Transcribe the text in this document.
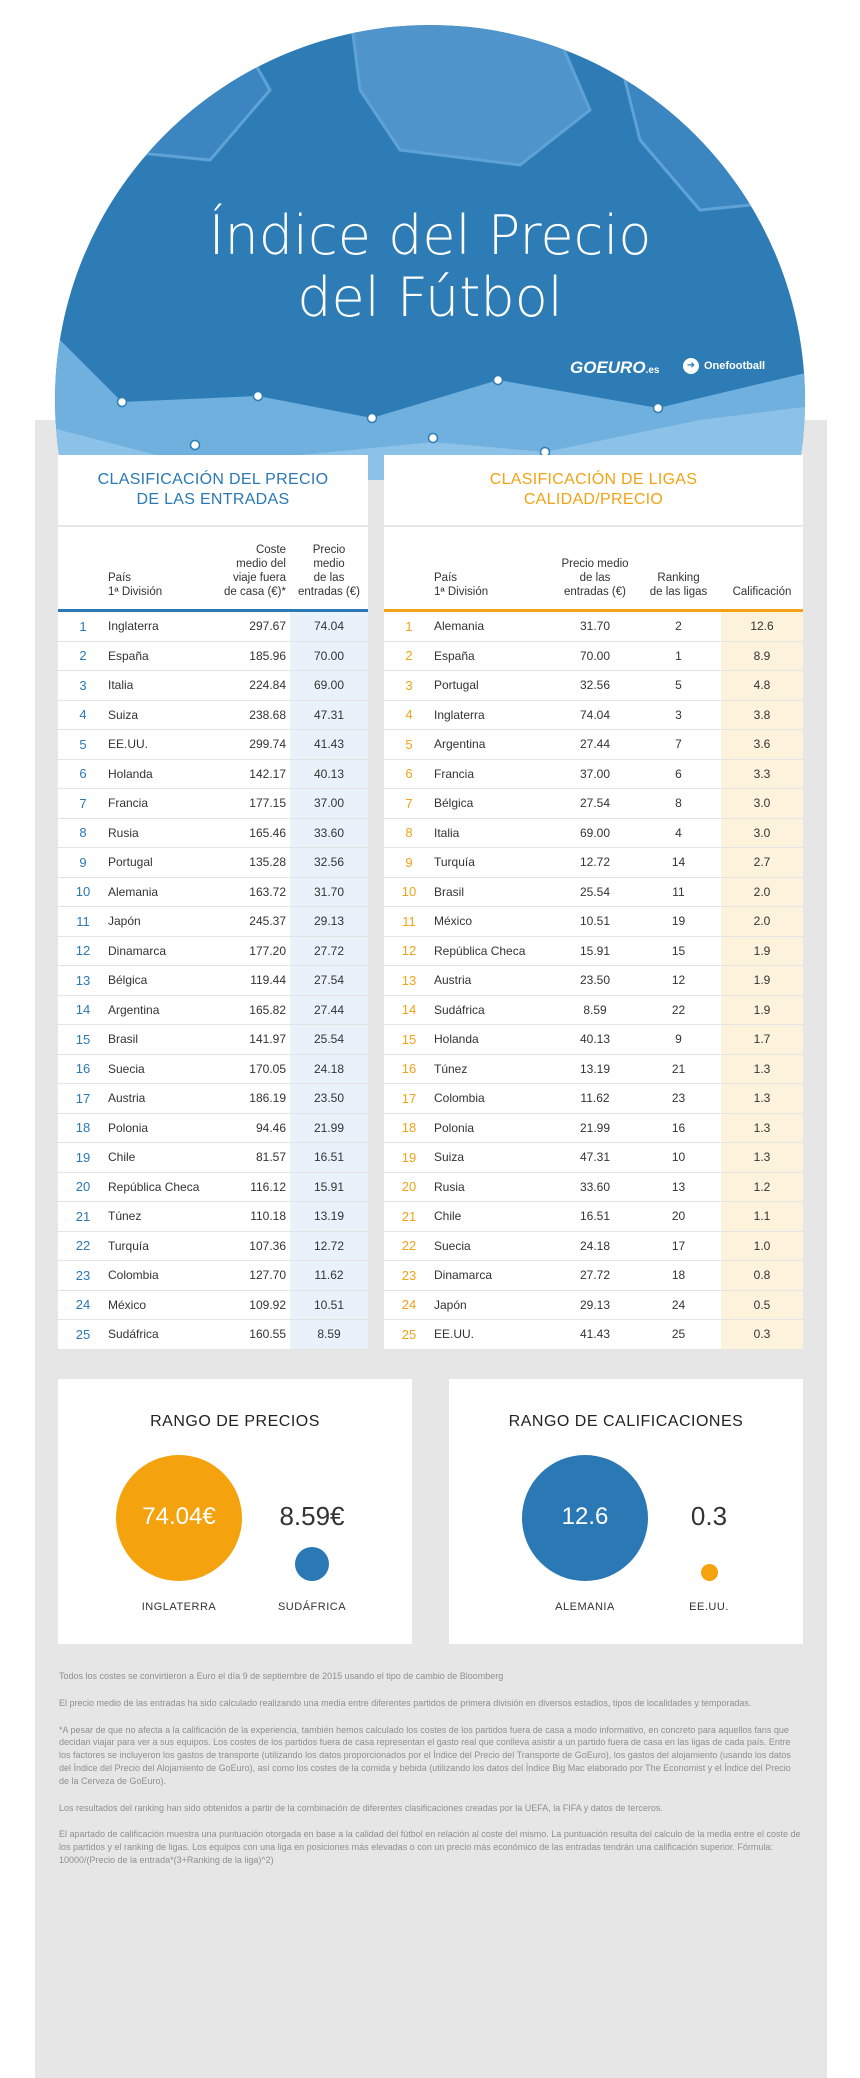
Índice del Precio
del Fútbol
GOEURO.es	➜ Onefootball
CLASIFICACIÓN DEL PRECIO
DE LAS ENTRADAS
País
1ª División
Coste
medio del
viaje fuera
de casa (€)*
Precio
medio
de las
entradas (€)
1	Inglaterra	297.67	74.04
2	España	185.96	70.00
3	Italia	224.84	69.00
4	Suiza	238.68	47.31
5	EE.UU.	299.74	41.43
6	Holanda	142.17	40.13
7	Francia	177.15	37.00
8	Rusia	165.46	33.60
9	Portugal	135.28	32.56
10	Alemania	163.72	31.70
11	Japón	245.37	29.13
12	Dinamarca	177.20	27.72
13	Bélgica	119.44	27.54
14	Argentina	165.82	27.44
15	Brasil	141.97	25.54
16	Suecia	170.05	24.18
17	Austria	186.19	23.50
18	Polonia	94.46	21.99
19	Chile	81.57	16.51
20	República Checa	116.12	15.91
21	Túnez	110.18	13.19
22	Turquía	107.36	12.72
23	Colombia	127.70	11.62
24	México	109.92	10.51
25	Sudáfrica	160.55	8.59
CLASIFICACIÓN DE LIGAS
CALIDAD/PRECIO
País
1ª División
Precio medio
de las
entradas (€)
Ranking
de las ligas	Calificación
1	Alemania	31.70	2	12.6
2	España	70.00	1	8.9
3	Portugal	32.56	5	4.8
4	Inglaterra	74.04	3	3.8
5	Argentina	27.44	7	3.6
6	Francia	37.00	6	3.3
7	Bélgica	27.54	8	3.0
8	Italia	69.00	4	3.0
9	Turquía	12.72	14	2.7
10	Brasil	25.54	11	2.0
11	México	10.51	19	2.0
12	República Checa	15.91	15	1.9
13	Austria	23.50	12	1.9
14	Sudáfrica	8.59	22	1.9
15	Holanda	40.13	9	1.7
16	Túnez	13.19	21	1.3
17	Colombia	11.62	23	1.3
18	Polonia	21.99	16	1.3
19	Suiza	47.31	10	1.3
20	Rusia	33.60	13	1.2
21	Chile	16.51	20	1.1
22	Suecia	24.18	17	1.0
23	Dinamarca	27.72	18	0.8
24	Japón	29.13	24	0.5
25	EE.UU.	41.43	25	0.3
RANGO DE PRECIOS
74.04€	8.59€
INGLATERRA	SUDÁFRICA
RANGO DE CALIFICACIONES
12.6	0.3
ALEMANIA	EE.UU.

Todos los costes se convirtieron a Euro el día 9 de septiembre de 2015 usando el tipo de cambio de Bloomberg

El precio medio de las entradas ha sido calculado realizando una media entre diferentes partidos de primera división en diversos estadios, tipos de localidades y temporadas.

*A pesar de que no afecta a la calificación de la experiencia, también hemos calculado los costes de los partidos fuera de casa a modo informativo, en concreto para aquellos fans que decidan viajar para ver a sus equipos. Los costes de los partidos fuera de casa representan el gasto real que conlleva asistir a un partido fuera de casa en las ligas de cada país. Entre los factores se incluyeron los gastos de transporte (utilizando los datos proporcionados por el Índice del Precio del Transporte de GoEuro), los gastos del alojamiento (usando los datos del Índice del Precio del Alojamiento de GoEuro), así como los costes de la comida y bebida (utilizando los datos del Índice Big Mac elaborado por The Economist y el Índice del Precio de la Cerveza de GoEuro).

Los resultados del ranking han sido obtenidos a partir de la combinación de diferentes clasificaciones creadas por la UEFA, la FIFA y datos de terceros.

El apartado de calificación muestra una puntuación otorgada en base a la calidad del fútbol en relación al coste del mismo. La puntuación resulta del calculo de la media entre el coste de los partidos y el ranking de ligas. Los equipos con una liga en posiciones más elevadas o con un precio más económico de las entradas tendrán una calificación superior. Fórmula: 10000/(Precio de la entrada*(3+Ranking de la liga)^2)
